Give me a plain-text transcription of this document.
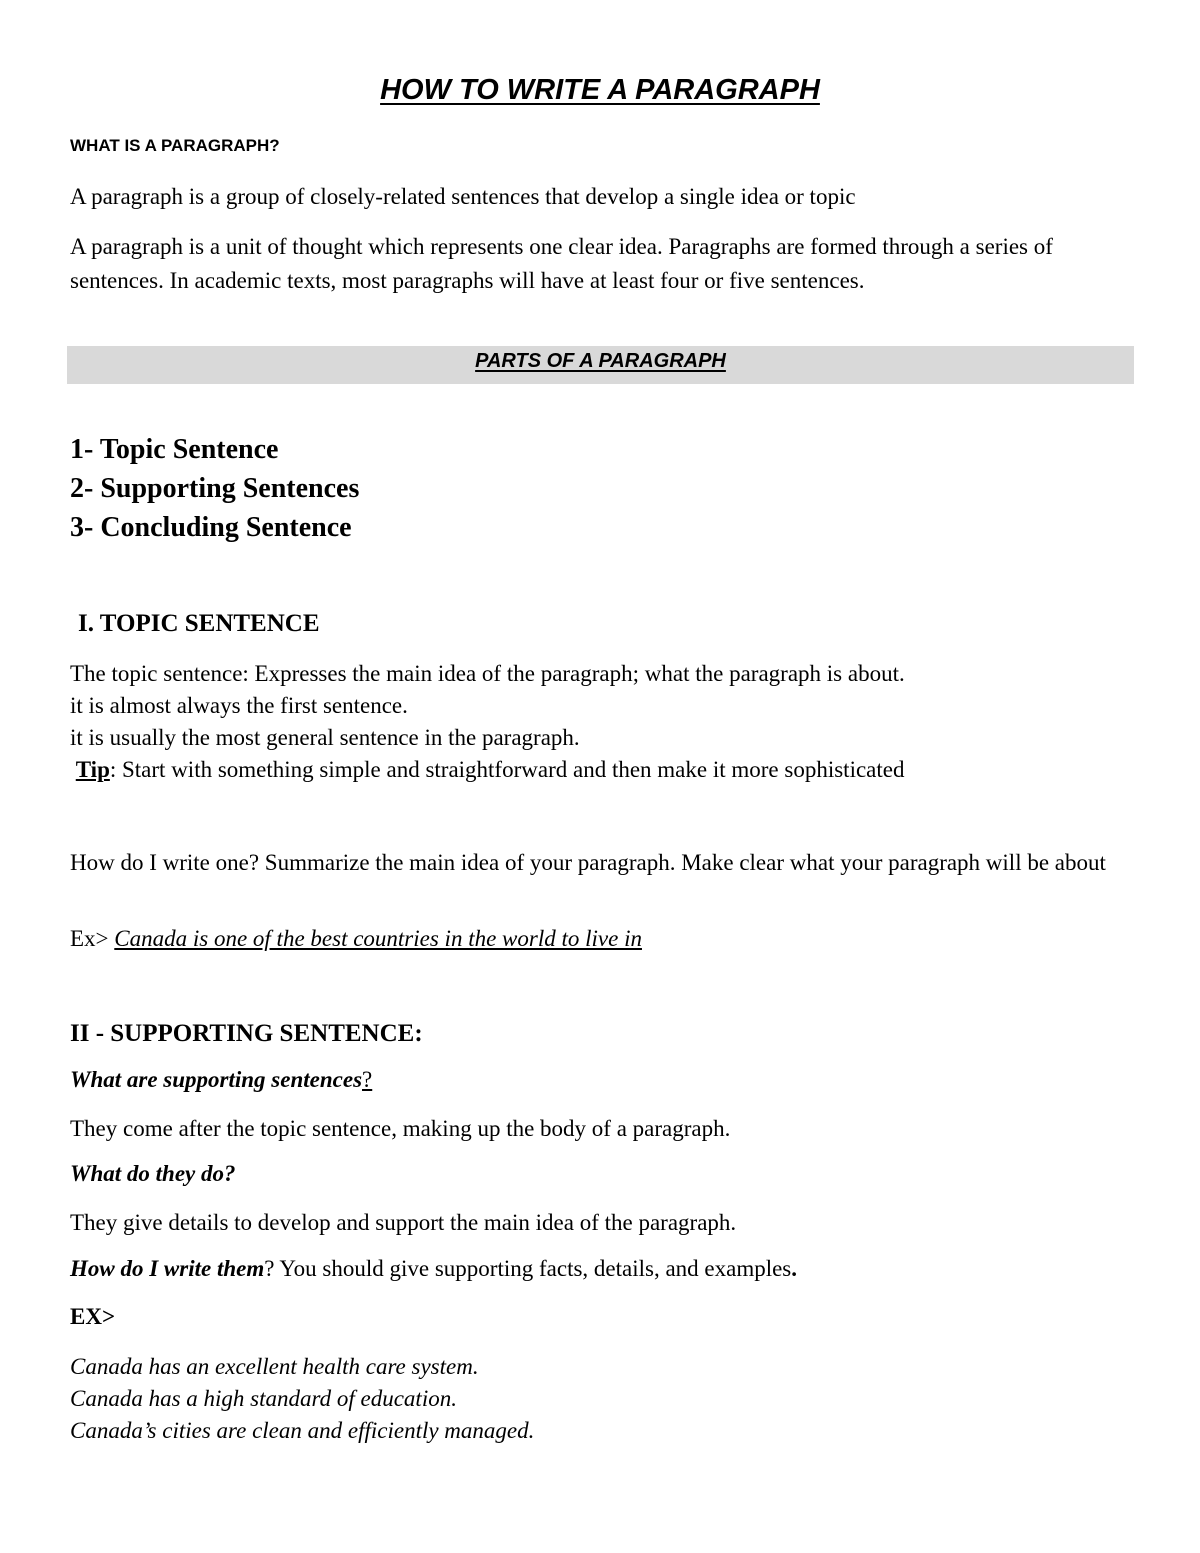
HOW TO WRITE A PARAGRAPH
WHAT IS A PARAGRAPH?
A paragraph is a group of closely-related sentences that develop a single idea or topic
A paragraph is a unit of thought which represents one clear idea. Paragraphs are formed through a series of sentences. In academic texts, most paragraphs will have at least four or five sentences.
PARTS OF A PARAGRAPH
1- Topic Sentence
2- Supporting Sentences
3- Concluding Sentence
I. TOPIC SENTENCE
The topic sentence: Expresses the main idea of the paragraph; what the paragraph is about.
it is almost always the first sentence.
it is usually the most general sentence in the paragraph.
Tip: Start with something simple and straightforward and then make it more sophisticated
How do I write one? Summarize the main idea of your paragraph. Make clear what your paragraph will be about
Ex> Canada is one of the best countries in the world to live in
II - SUPPORTING SENTENCE:
What are supporting sentences?
They come after the topic sentence, making up the body of a paragraph.
What do they do?
They give details to develop and support the main idea of the paragraph.
How do I write them? You should give supporting facts, details, and examples.
EX>
Canada has an excellent health care system.
Canada has a high standard of education.
Canada’s cities are clean and efficiently managed.
